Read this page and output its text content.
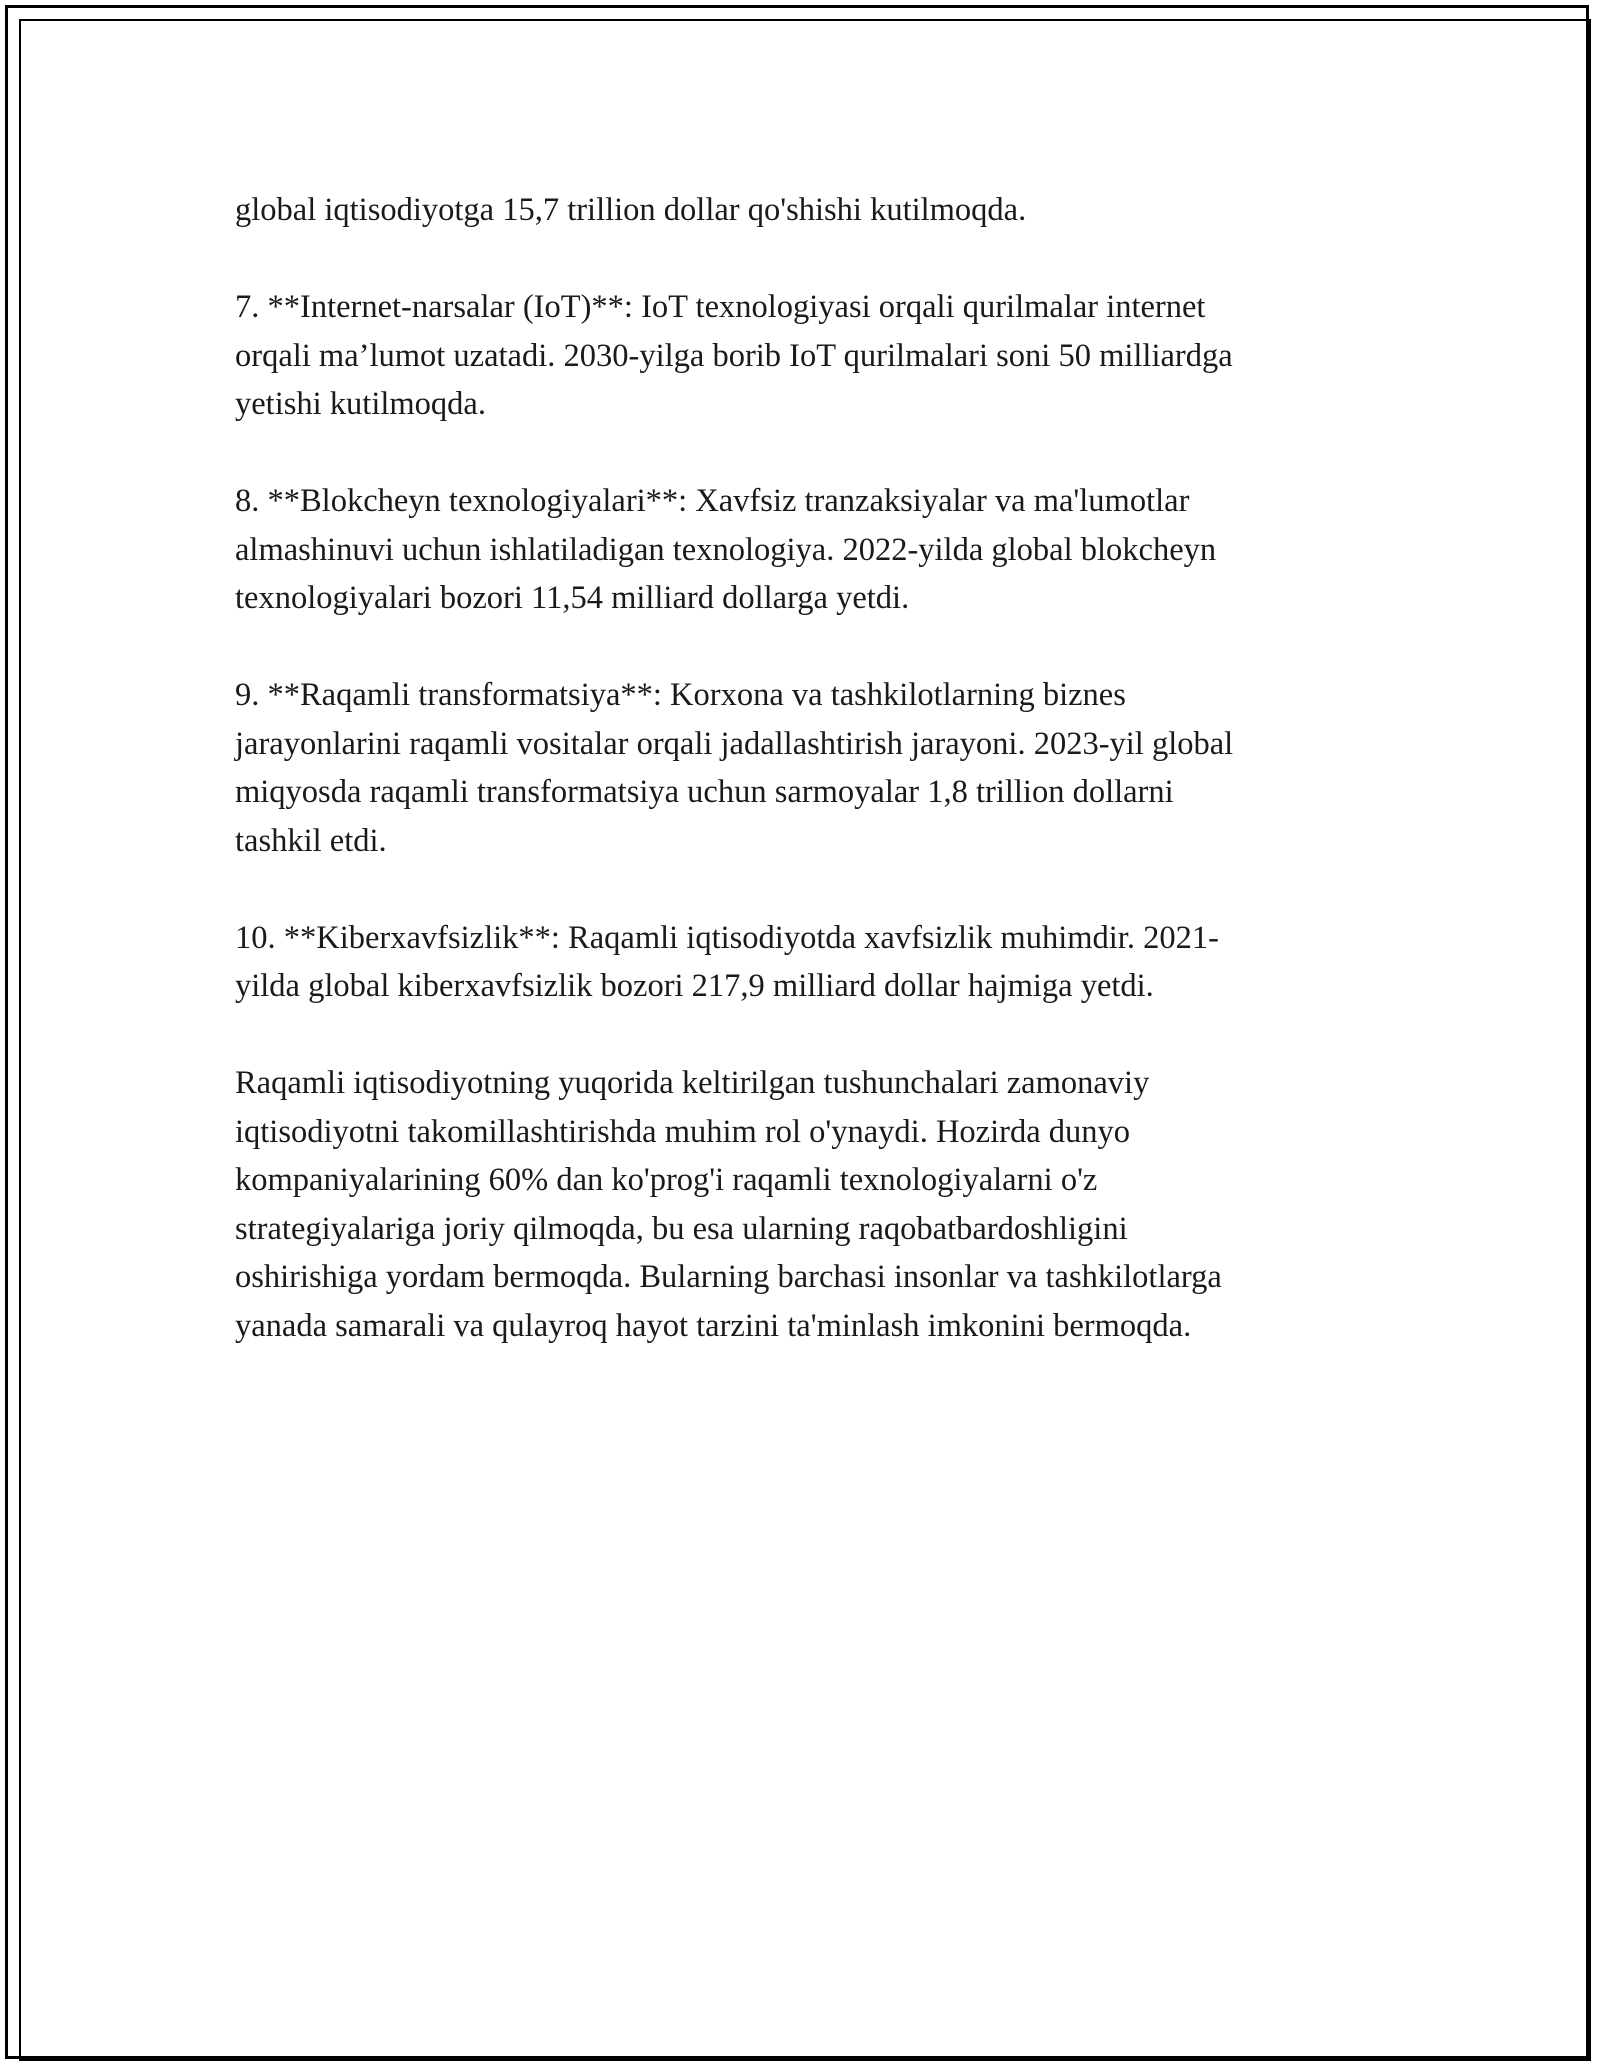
global iqtisodiyotga 15,7 trillion dollar qo'shishi kutilmoqda.

7. **Internet-narsalar (IoT)**: IoT texnologiyasi orqali qurilmalar internet
orqali ma’lumot uzatadi. 2030-yilga borib IoT qurilmalari soni 50 milliardga
yetishi kutilmoqda.

8. **Blokcheyn texnologiyalari**: Xavfsiz tranzaksiyalar va ma'lumotlar
almashinuvi uchun ishlatiladigan texnologiya. 2022-yilda global blokcheyn
texnologiyalari bozori 11,54 milliard dollarga yetdi.

9. **Raqamli transformatsiya**: Korxona va tashkilotlarning biznes
jarayonlarini raqamli vositalar orqali jadallashtirish jarayoni. 2023-yil global
miqyosda raqamli transformatsiya uchun sarmoyalar 1,8 trillion dollarni
tashkil etdi.

10. **Kiberxavfsizlik**: Raqamli iqtisodiyotda xavfsizlik muhimdir. 2021-
yilda global kiberxavfsizlik bozori 217,9 milliard dollar hajmiga yetdi.

Raqamli iqtisodiyotning yuqorida keltirilgan tushunchalari zamonaviy
iqtisodiyotni takomillashtirishda muhim rol o'ynaydi. Hozirda dunyo
kompaniyalarining 60% dan ko'prog'i raqamli texnologiyalarni o'z
strategiyalariga joriy qilmoqda, bu esa ularning raqobatbardoshligini
oshirishiga yordam bermoqda. Bularning barchasi insonlar va tashkilotlarga
yanada samarali va qulayroq hayot tarzini ta'minlash imkonini bermoqda.
